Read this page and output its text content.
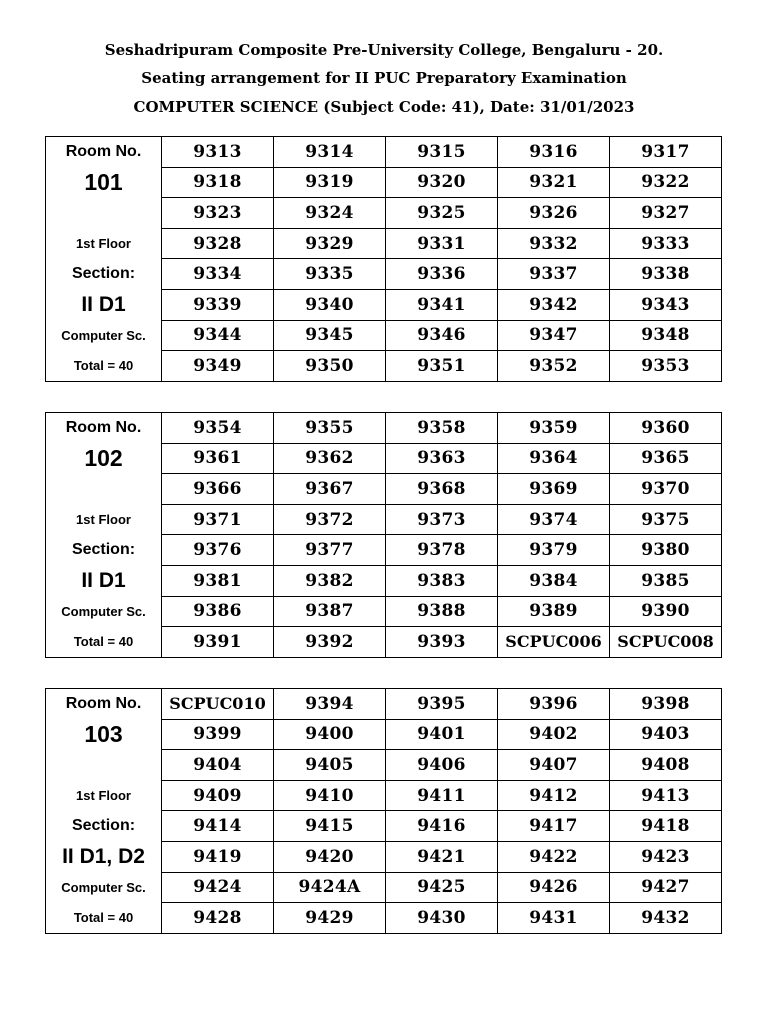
Seshadripuram Composite Pre-University College, Bengaluru - 20.
Seating arrangement for II PUC Preparatory Examination
COMPUTER SCIENCE (Subject Code: 41), Date: 31/01/2023
Room No.	9313	9314	9315	9316	9317
101	9318	9319	9320	9321	9322
	9323	9324	9325	9326	9327
1st Floor	9328	9329	9331	9332	9333
Section:	9334	9335	9336	9337	9338
II D1	9339	9340	9341	9342	9343
Computer Sc.	9344	9345	9346	9347	9348
Total = 40	9349	9350	9351	9352	9353
Room No.	9354	9355	9358	9359	9360
102	9361	9362	9363	9364	9365
	9366	9367	9368	9369	9370
1st Floor	9371	9372	9373	9374	9375
Section:	9376	9377	9378	9379	9380
II D1	9381	9382	9383	9384	9385
Computer Sc.	9386	9387	9388	9389	9390
Total = 40	9391	9392	9393	SCPUC006	SCPUC008
Room No.	SCPUC010	9394	9395	9396	9398
103	9399	9400	9401	9402	9403
	9404	9405	9406	9407	9408
1st Floor	9409	9410	9411	9412	9413
Section:	9414	9415	9416	9417	9418
II D1, D2	9419	9420	9421	9422	9423
Computer Sc.	9424	9424A	9425	9426	9427
Total = 40	9428	9429	9430	9431	9432
